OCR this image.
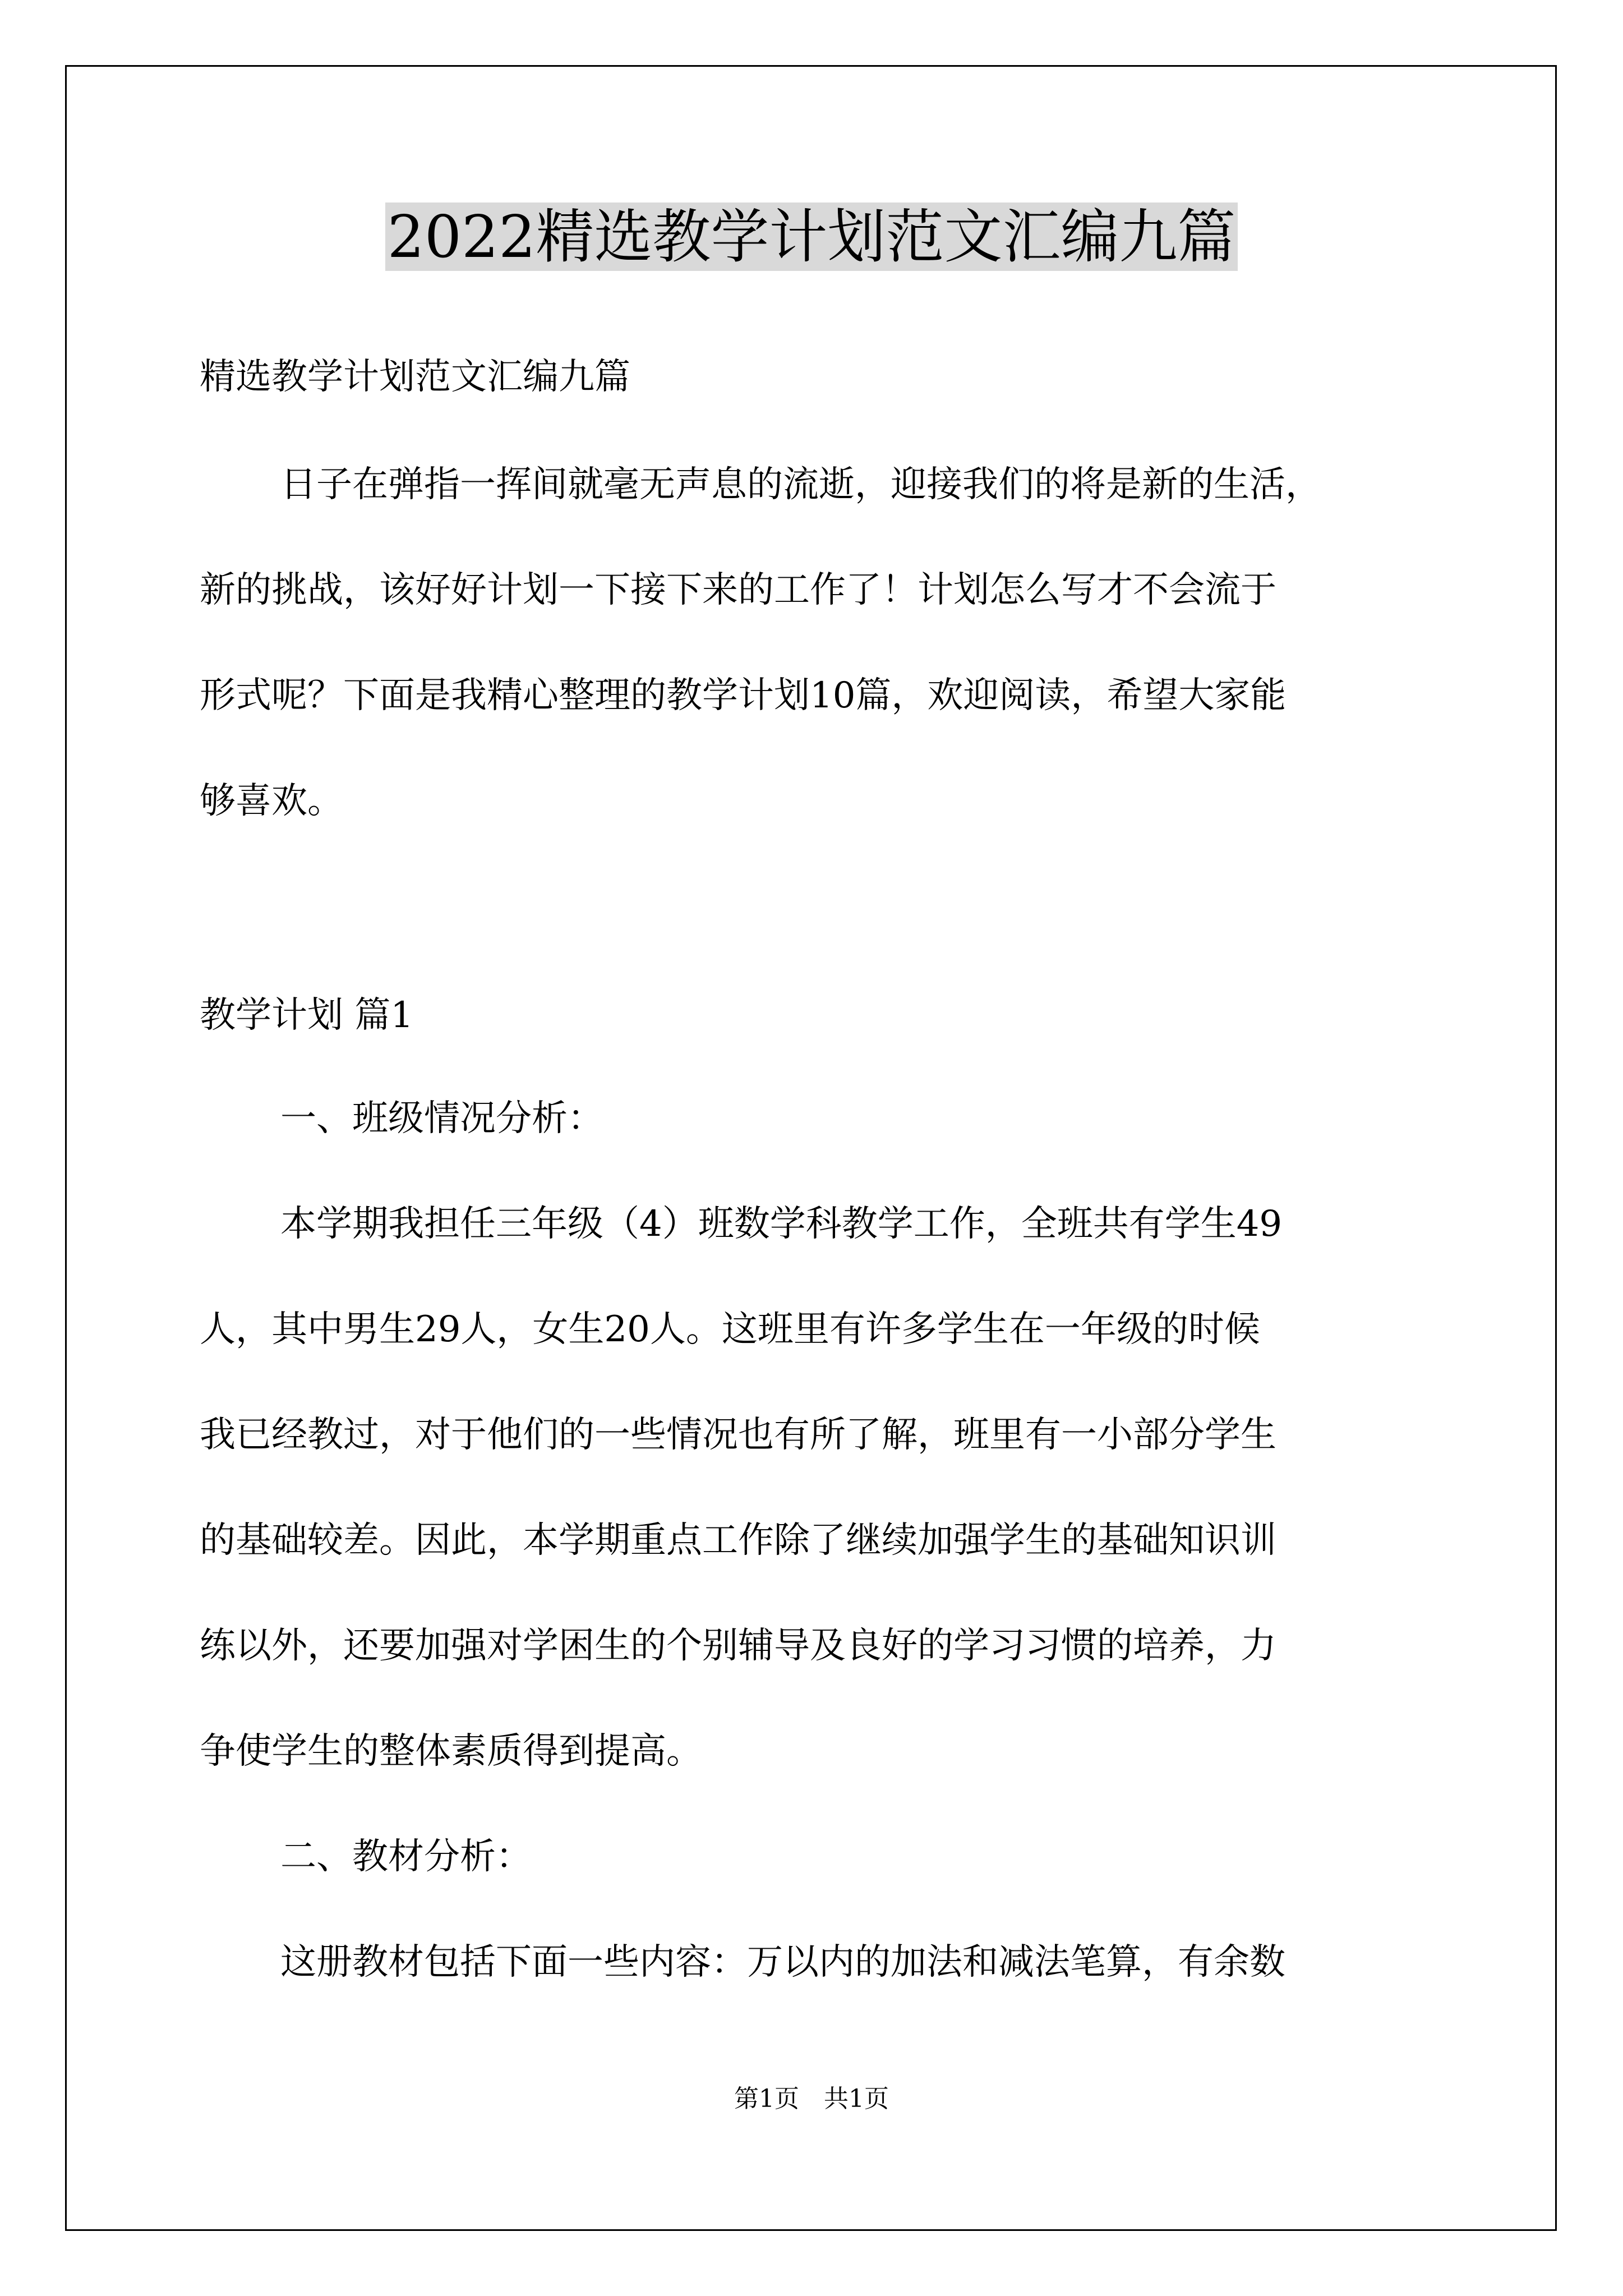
2022精选教学计划范文汇编九篇
精选教学计划范文汇编九篇
日子在弹指一挥间就毫无声息的流逝，迎接我们的将是新的生活，
新的挑战，该好好计划一下接下来的工作了！计划怎么写才不会流于
形式呢？下面是我精心整理的教学计划10篇，欢迎阅读，希望大家能
够喜欢。
教学计划 篇1
一、班级情况分析：
本学期我担任三年级（4）班数学科教学工作，全班共有学生49
人，其中男生29人，女生20人。这班里有许多学生在一年级的时候
我已经教过，对于他们的一些情况也有所了解，班里有一小部分学生
的基础较差。因此，本学期重点工作除了继续加强学生的基础知识训
练以外，还要加强对学困生的个别辅导及良好的学习习惯的培养，力
争使学生的整体素质得到提高。
二、教材分析：
这册教材包括下面一些内容：万以内的加法和减法笔算，有余数
第1页　共1页
